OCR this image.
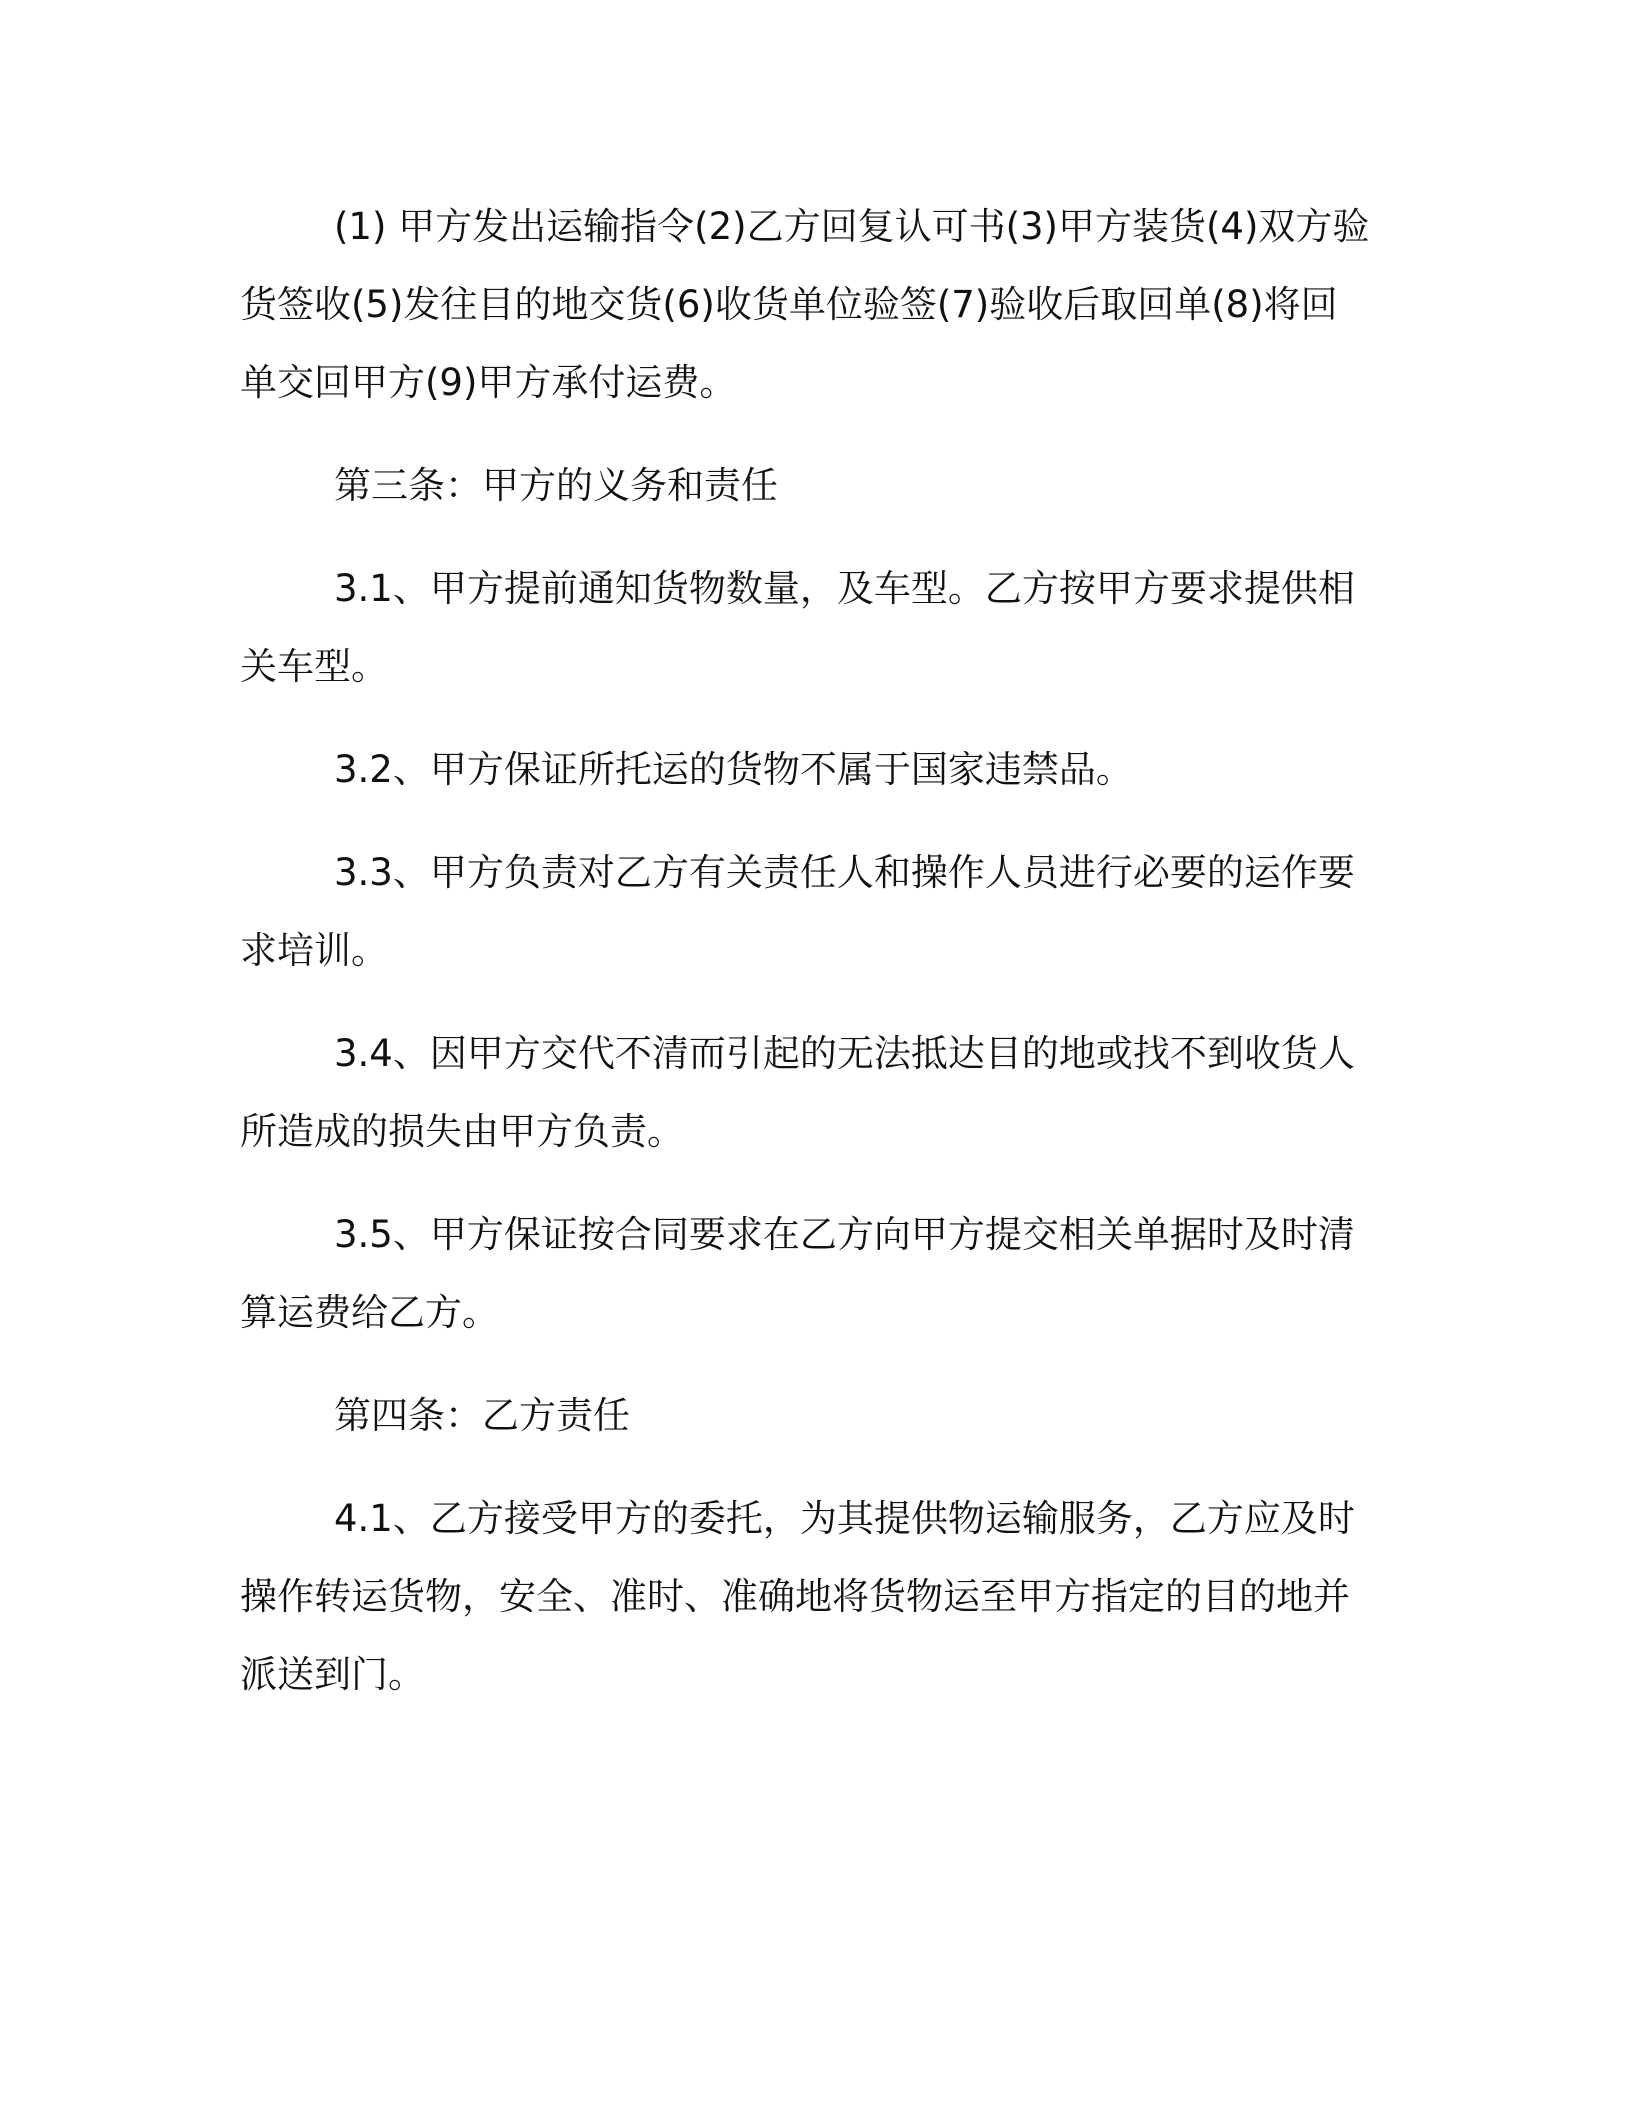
(1) 甲方发出运输指令(2)乙方回复认可书(3)甲方装货(4)双方验货签收(5)发往目的地交货(6)收货单位验签(7)验收后取回单(8)将回单交回甲方(9)甲方承付运费。

第三条：甲方的义务和责任

3.1、甲方提前通知货物数量，及车型。乙方按甲方要求提供相关车型。

3.2、甲方保证所托运的货物不属于国家违禁品。

3.3、甲方负责对乙方有关责任人和操作人员进行必要的运作要求培训。

3.4、因甲方交代不清而引起的无法抵达目的地或找不到收货人所造成的损失由甲方负责。

3.5、甲方保证按合同要求在乙方向甲方提交相关单据时及时清算运费给乙方。

第四条：乙方责任

4.1、乙方接受甲方的委托，为其提供物运输服务，乙方应及时操作转运货物，安全、准时、准确地将货物运至甲方指定的目的地并派送到门。
